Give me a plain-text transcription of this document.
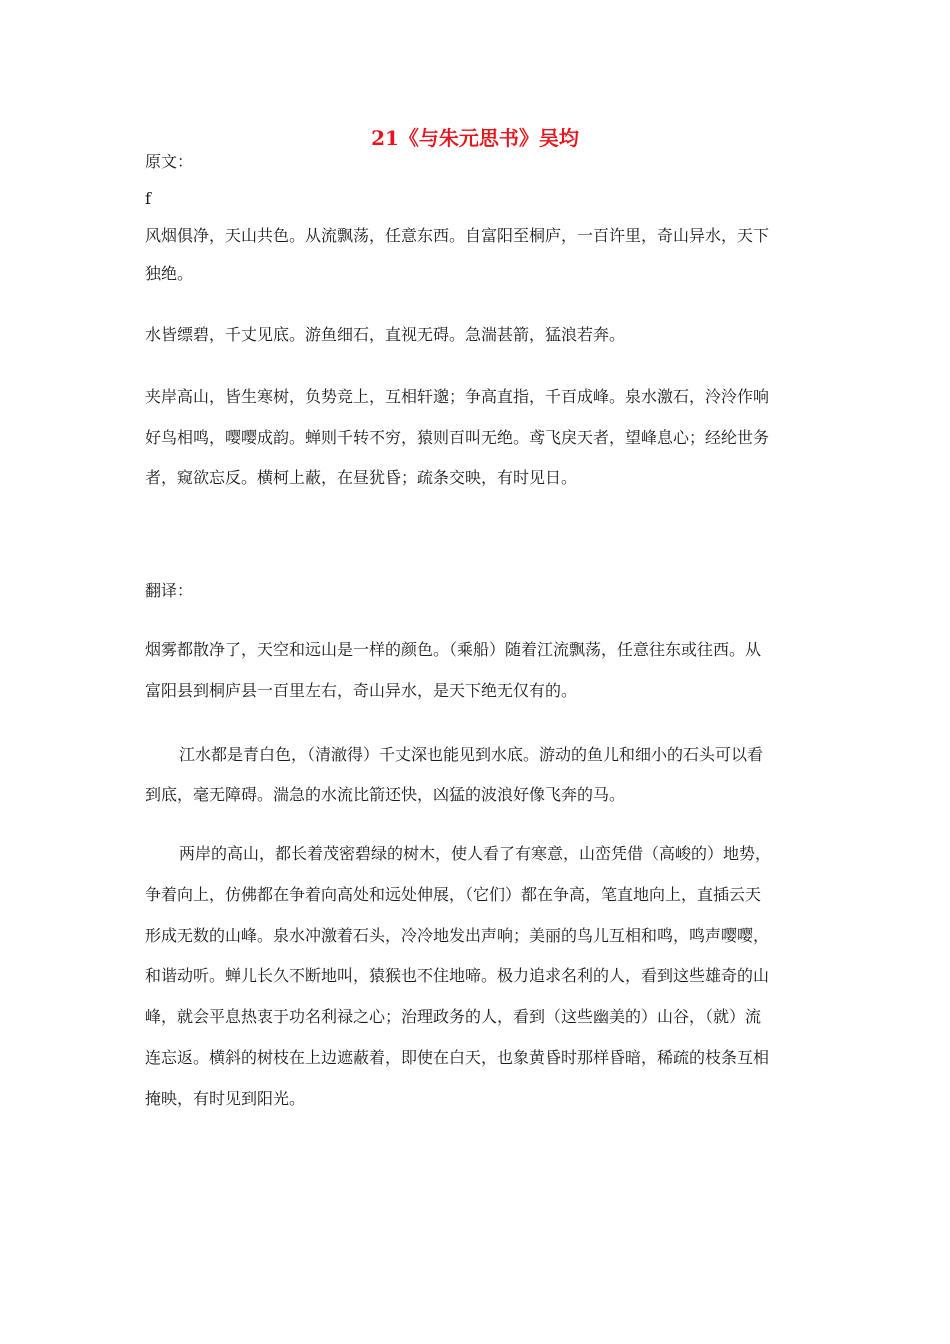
21《与朱元思书》吴均

原文：

f

风烟俱净，天山共色。从流飘荡，任意东西。自富阳至桐庐，一百许里，奇山异水，天下

独绝。

水皆缥碧，千丈见底。游鱼细石，直视无碍。急湍甚箭，猛浪若奔。

夹岸高山，皆生寒树，负势竞上，互相轩邈；争高直指，千百成峰。泉水激石，泠泠作响

好鸟相鸣，嘤嘤成韵。蝉则千转不穷，猿则百叫无绝。鸢飞戾天者，望峰息心；经纶世务

者，窥欲忘反。横柯上蔽，在昼犹昏；疏条交映，有时见日。

翻译：

烟雾都散净了，天空和远山是一样的颜色。（乘船）随着江流飘荡，任意往东或往西。从

富阳县到桐庐县一百里左右，奇山异水，是天下绝无仅有的。

江水都是青白色，（清澈得）千丈深也能见到水底。游动的鱼儿和细小的石头可以看

到底，毫无障碍。湍急的水流比箭还快，凶猛的波浪好像飞奔的马。

两岸的高山，都长着茂密碧绿的树木，使人看了有寒意，山峦凭借（高峻的）地势，

争着向上，仿佛都在争着向高处和远处伸展，（它们）都在争高，笔直地向上，直插云天

形成无数的山峰。泉水冲激着石头，冷冷地发出声响；美丽的鸟儿互相和鸣，鸣声嘤嘤，

和谐动听。蝉儿长久不断地叫，猿猴也不住地啼。极力追求名利的人，看到这些雄奇的山

峰，就会平息热衷于功名利禄之心；治理政务的人，看到（这些幽美的）山谷，（就）流

连忘返。横斜的树枝在上边遮蔽着，即使在白天，也象黄昏时那样昏暗，稀疏的枝条互相

掩映，有时见到阳光。
